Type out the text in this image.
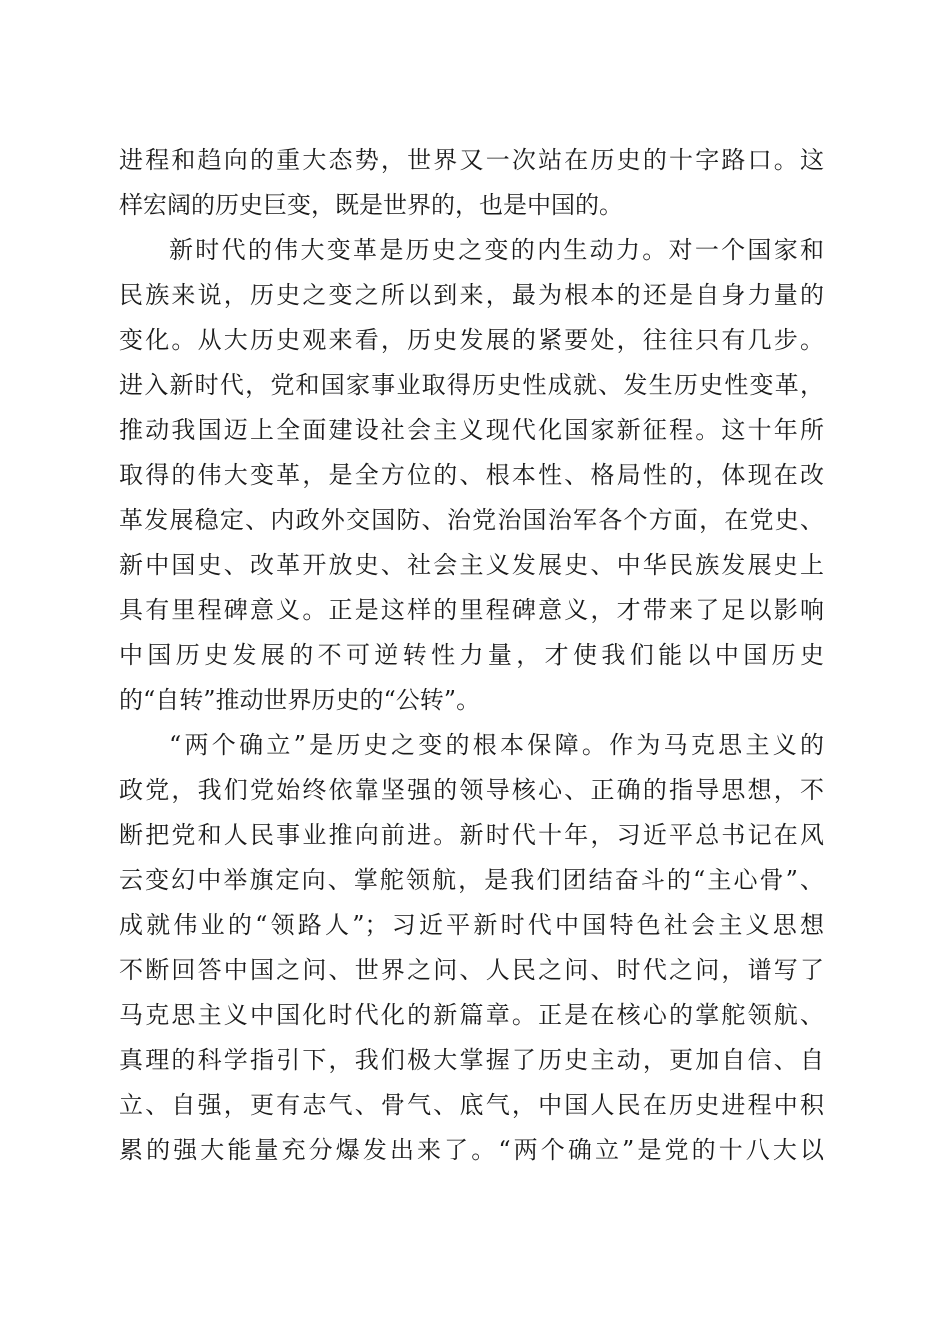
进程和趋向的重大态势，世界又一次站在历史的十字路口。这
样宏阔的历史巨变，既是世界的，也是中国的。
新时代的伟大变革是历史之变的内生动力。对一个国家和
民族来说，历史之变之所以到来，最为根本的还是自身力量的
变化。从大历史观来看，历史发展的紧要处，往往只有几步。
进入新时代，党和国家事业取得历史性成就、发生历史性变革，
推动我国迈上全面建设社会主义现代化国家新征程。这十年所
取得的伟大变革，是全方位的、根本性、格局性的，体现在改
革发展稳定、内政外交国防、治党治国治军各个方面，在党史、
新中国史、改革开放史、社会主义发展史、中华民族发展史上
具有里程碑意义。正是这样的里程碑意义，才带来了足以影响
中国历史发展的不可逆转性力量，才使我们能以中国历史
的“自转”推动世界历史的“公转”。
“两个确立”是历史之变的根本保障。作为马克思主义的
政党，我们党始终依靠坚强的领导核心、正确的指导思想，不
断把党和人民事业推向前进。新时代十年，习近平总书记在风
云变幻中举旗定向、掌舵领航，是我们团结奋斗的“主心骨”、
成就伟业的“领路人”；习近平新时代中国特色社会主义思想
不断回答中国之问、世界之问、人民之问、时代之问，谱写了
马克思主义中国化时代化的新篇章。正是在核心的掌舵领航、
真理的科学指引下，我们极大掌握了历史主动，更加自信、自
立、自强，更有志气、骨气、底气，中国人民在历史进程中积
累的强大能量充分爆发出来了。“两个确立”是党的十八大以
